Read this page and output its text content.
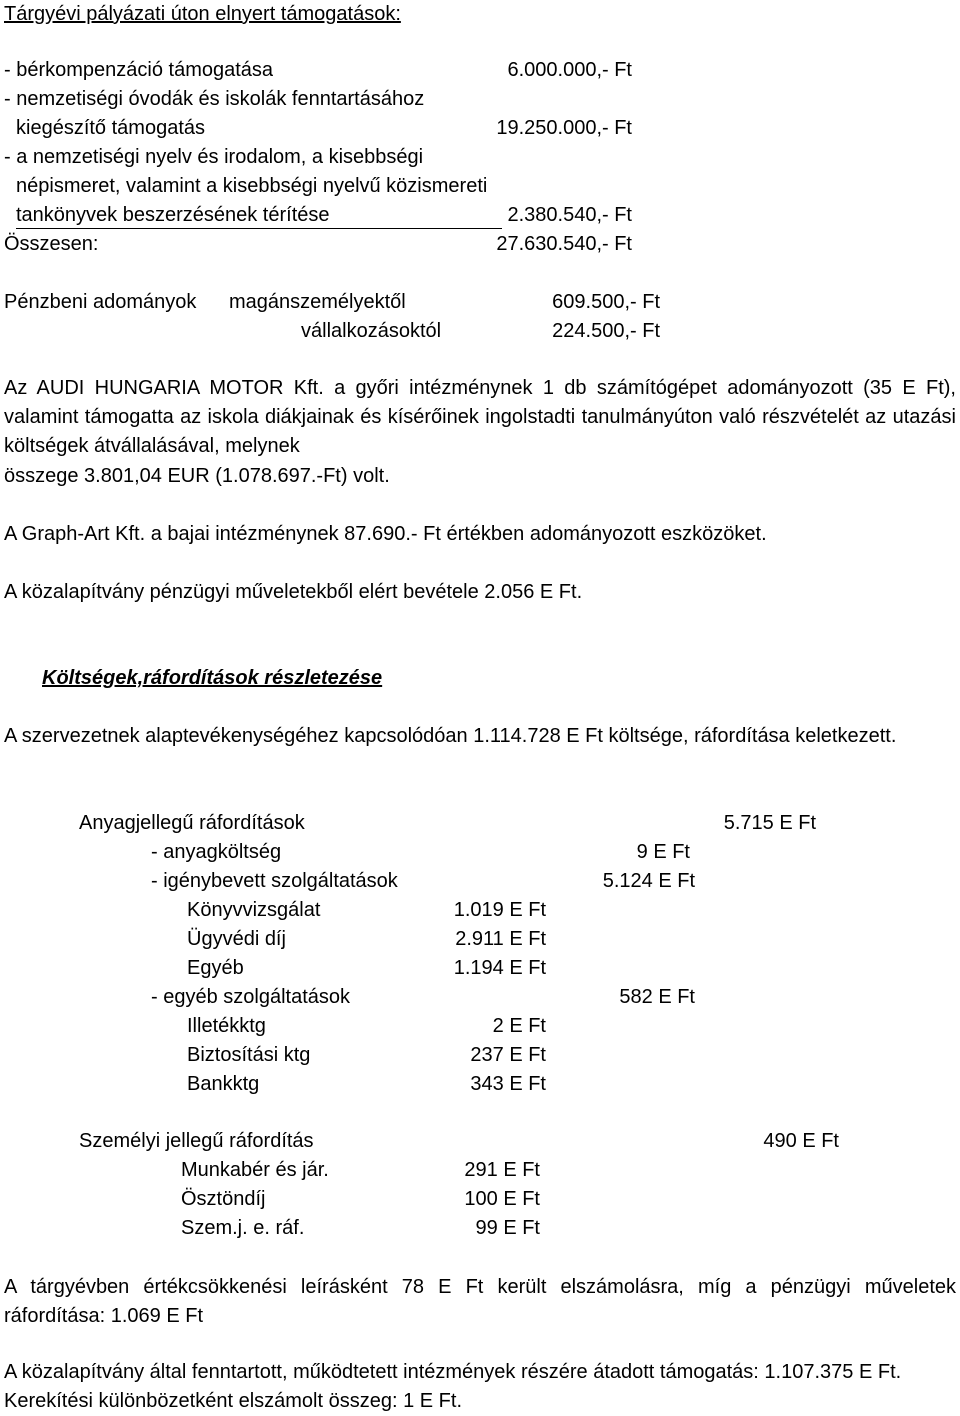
Tárgyévi pályázati úton elnyert támogatások:
- bérkompenzáció támogatása	6.000.000,- Ft
- nemzetiségi óvodák és iskolák fenntartásához
kiegészítő támogatás	19.250.000,- Ft
- a nemzetiségi nyelv és irodalom, a kisebbségi
népismeret, valamint a kisebbségi nyelvű közismereti
tankönyvek beszerzésének térítése	2.380.540,- Ft
Összesen:	27.630.540,- Ft
Pénzbeni adományok magánszemélyektől	609.500,- Ft
vállalkozásoktól	224.500,- Ft
Az AUDI HUNGARIA MOTOR Kft. a győri intézménynek 1 db számítógépet adományozott (35 E Ft), valamint támogatta az iskola diákjainak és kísérőinek ingolstadti tanulmányúton való részvételét az utazási költségek átvállalásával, melynek
összege 3.801,04 EUR (1.078.697.-Ft) volt.
A Graph-Art Kft. a bajai intézménynek 87.690.- Ft értékben adományozott eszközöket.
A közalapítvány pénzügyi műveletekből elért bevétele 2.056 E Ft.
Költségek,ráfordítások részletezése
A szervezetnek alaptevékenységéhez kapcsolódóan 1.114.728 E Ft költsége, ráfordítása keletkezett.
Anyagjellegű ráfordítások	5.715 E Ft
- anyagköltség	9 E Ft
- igénybevett szolgáltatások	5.124 E Ft
Könyvvizsgálat	1.019 E Ft
Ügyvédi díj	2.911 E Ft
Egyéb	1.194 E Ft
- egyéb szolgáltatások	582 E Ft
Illetékktg	2 E Ft
Biztosítási ktg	237 E Ft
Bankktg	343 E Ft
Személyi jellegű ráfordítás	490 E Ft
Munkabér és jár.	291 E Ft
Ösztöndíj	100 E Ft
Szem.j. e. ráf.	99 E Ft
A tárgyévben értékcsökkenési leírásként 78 E Ft került elszámolásra, míg a pénzügyi műveletek ráfordítása: 1.069 E Ft
A közalapítvány által fenntartott, működtetett intézmények részére átadott támogatás: 1.107.375 E Ft.
Kerekítési különbözetként elszámolt összeg: 1 E Ft.
